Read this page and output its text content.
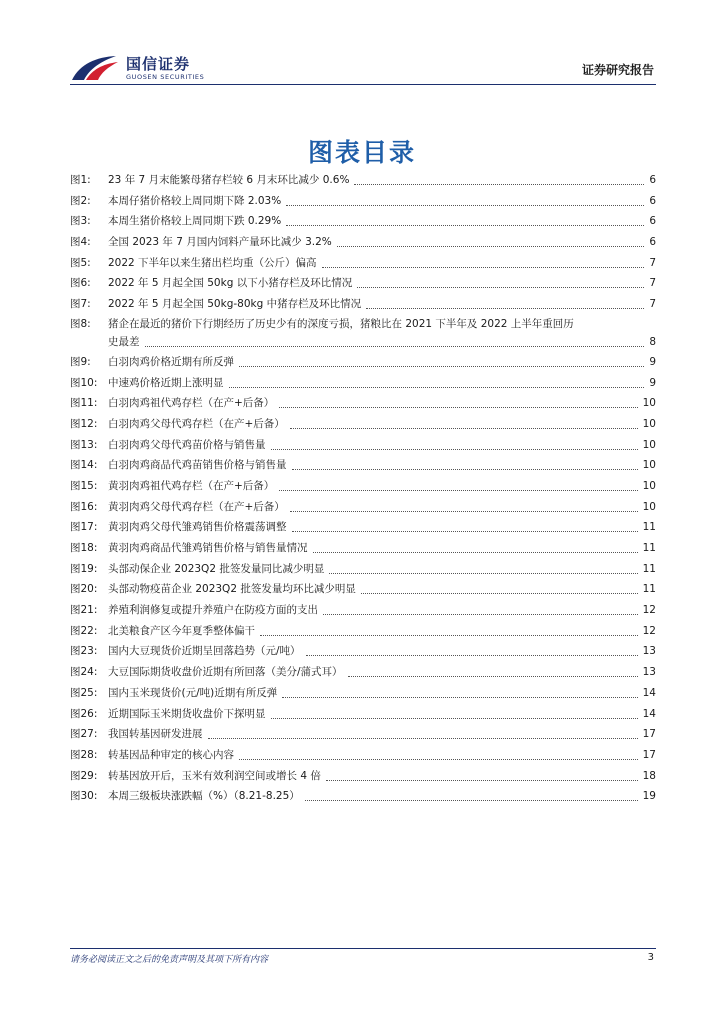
国信证券
GUOSEN SECURITIES	证券研究报告
图表目录
图1:	23 年 7 月末能繁母猪存栏较 6 月末环比减少 0.6%	6
图2:	本周仔猪价格较上周同期下降 2.03%	6
图3:	本周生猪价格较上周同期下跌 0.29%	6
图4:	全国 2023 年 7 月国内饲料产量环比减少 3.2%	6
图5:	2022 下半年以来生猪出栏均重（公斤）偏高	7
图6:	2022 年 5 月起全国 50kg 以下小猪存栏及环比情况	7
图7:	2022 年 5 月起全国 50kg-80kg 中猪存栏及环比情况	7
图8:	猪企在最近的猪价下行期经历了历史少有的深度亏损，猪粮比在 2021 下半年及 2022 上半年重回历
史最差	8
图9:	白羽肉鸡价格近期有所反弹	9
图10:	中速鸡价格近期上涨明显	9
图11:	白羽肉鸡祖代鸡存栏（在产+后备）	10
图12:	白羽肉鸡父母代鸡存栏（在产+后备）	10
图13:	白羽肉鸡父母代鸡苗价格与销售量	10
图14:	白羽肉鸡商品代鸡苗销售价格与销售量	10
图15:	黄羽肉鸡祖代鸡存栏（在产+后备）	10
图16:	黄羽肉鸡父母代鸡存栏（在产+后备）	10
图17:	黄羽肉鸡父母代雏鸡销售价格震荡调整	11
图18:	黄羽肉鸡商品代雏鸡销售价格与销售量情况	11
图19:	头部动保企业 2023Q2 批签发量同比减少明显	11
图20:	头部动物疫苗企业 2023Q2 批签发量均环比减少明显	11
图21:	养殖利润修复或提升养殖户在防疫方面的支出	12
图22:	北美粮食产区今年夏季整体偏干	12
图23:	国内大豆现货价近期呈回落趋势（元/吨）	13
图24:	大豆国际期货收盘价近期有所回落（美分/蒲式耳）	13
图25:	国内玉米现货价(元/吨)近期有所反弹	14
图26:	近期国际玉米期货收盘价下探明显	14
图27:	我国转基因研发进展	17
图28:	转基因品种审定的核心内容	17
图29:	转基因放开后，玉米有效利润空间或增长 4 倍	18
图30:	本周三级板块涨跌幅（%）（8.21-8.25）	19
请务必阅读正文之后的免责声明及其项下所有内容	3
